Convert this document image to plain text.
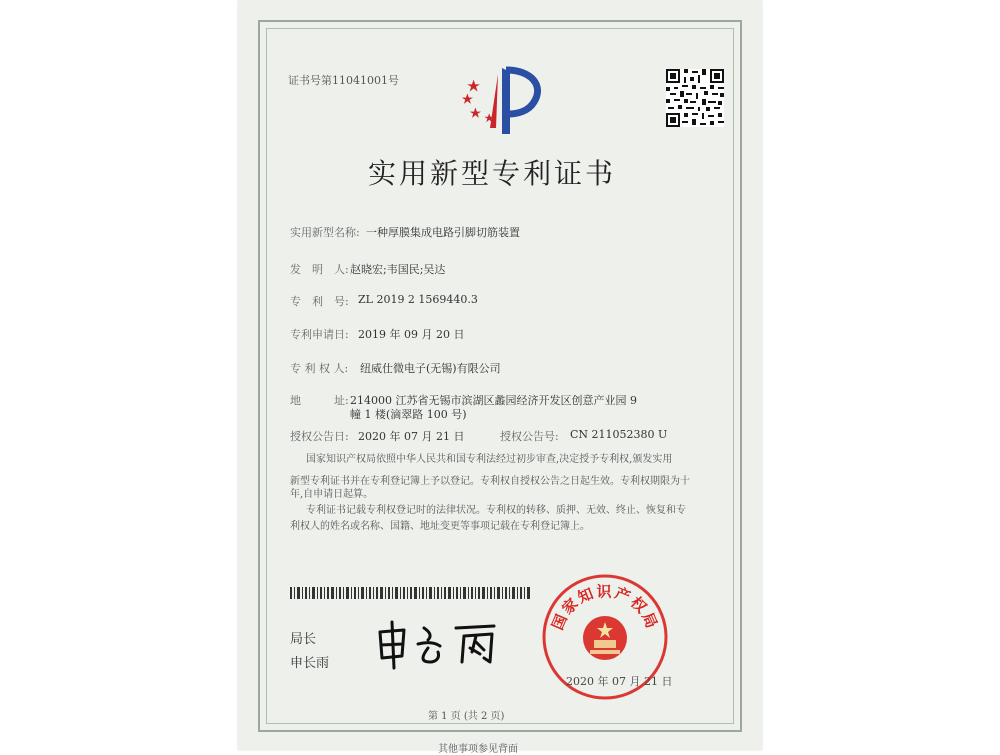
证书号第11041001号
实用新型专利证书
实用新型名称: 一种厚膜集成电路引脚切筋装置
发　明　人: 赵晓宏;韦国民;吴达
专　利　号: ZL 2019 2 1569440.3
专利申请日: 2019 年 09 月 20 日
专 利 权 人: 纽威仕微电子(无锡)有限公司
地　　　址: 214000 江苏省无锡市滨湖区蠡园经济开发区创意产业园 9
幢 1 楼(滴翠路 100 号)
授权公告日: 2020 年 07 月 21 日	授权公告号: CN 211052380 U
国家知识产权局依照中华人民共和国专利法经过初步审查,决定授予专利权,颁发实用
新型专利证书并在专利登记簿上予以登记。专利权自授权公告之日起生效。专利权期限为十
年,自申请日起算。
专利证书记载专利权登记时的法律状况。专利权的转移、质押、无效、终止、恢复和专
利权人的姓名或名称、国籍、地址变更等事项记载在专利登记簿上。
局长
申长雨
国家知识产权局
2020 年 07 月 21 日
第 1 页 (共 2 页)
其他事项参见背面
